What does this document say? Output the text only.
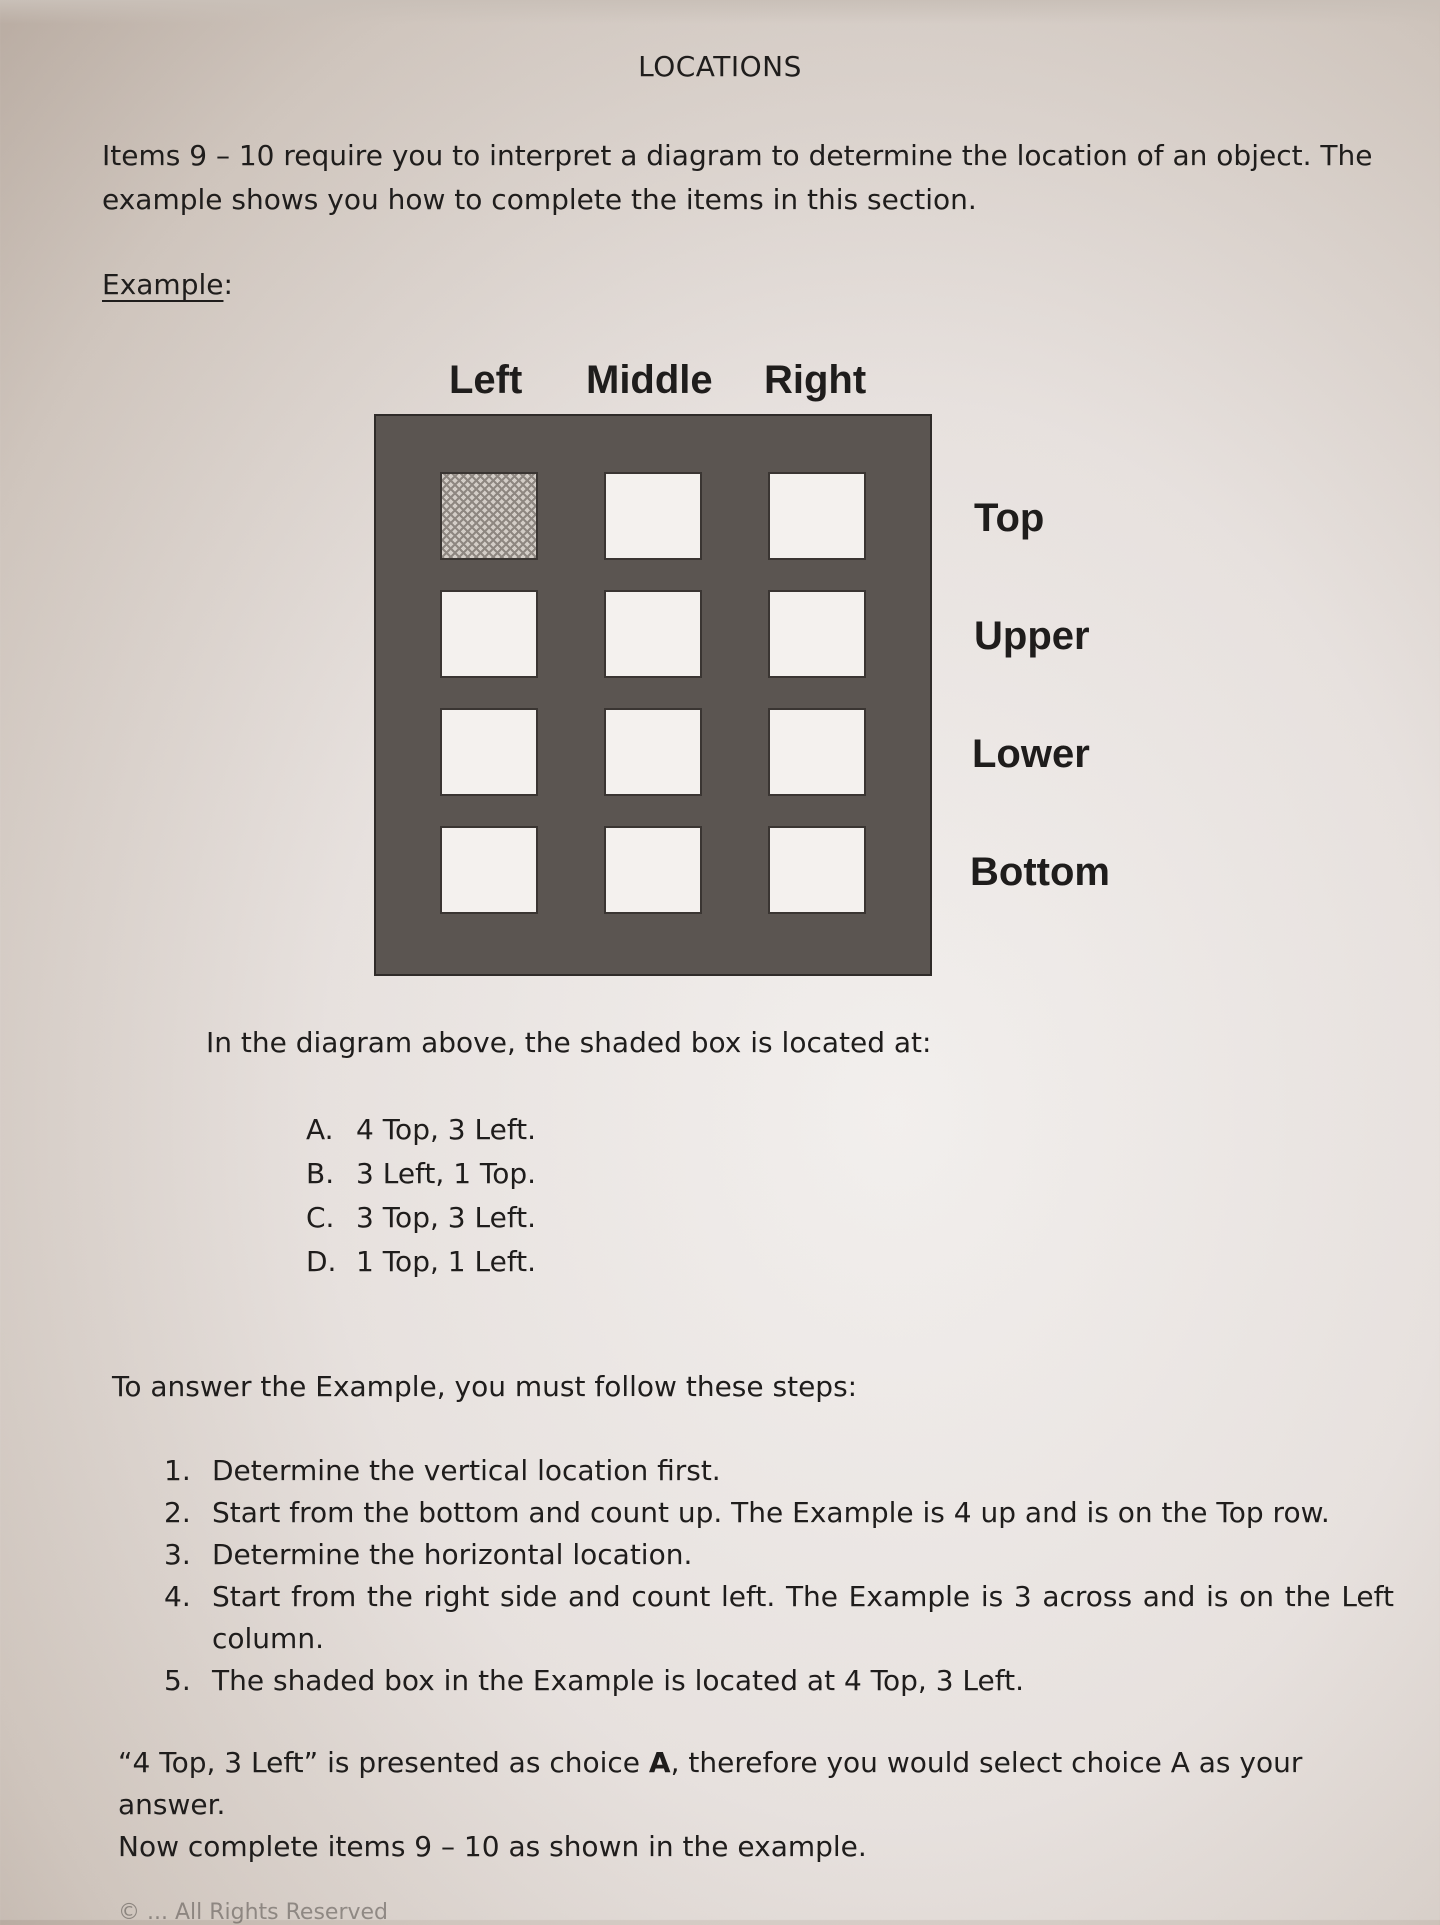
LOCATIONS
Items 9 – 10 require you to interpret a diagram to determine the location of an object. The example shows you how to complete the items in this section.
Example:
Left Middle Right
Top
Upper
Lower
Bottom
In the diagram above, the shaded box is located at:
A. 4 Top, 3 Left.
B. 3 Left, 1 Top.
C. 3 Top, 3 Left.
D. 1 Top, 1 Left.
To answer the Example, you must follow these steps:
1. Determine the vertical location first.
2. Start from the bottom and count up. The Example is 4 up and is on the Top row.
3. Determine the horizontal location.
4. Start from the right side and count left. The Example is 3 across and is on the Left column.
5. The shaded box in the Example is located at 4 Top, 3 Left.
“4 Top, 3 Left” is presented as choice A, therefore you would select choice A as your answer.
Now complete items 9 – 10 as shown in the example.
© ... All Rights Reserved
